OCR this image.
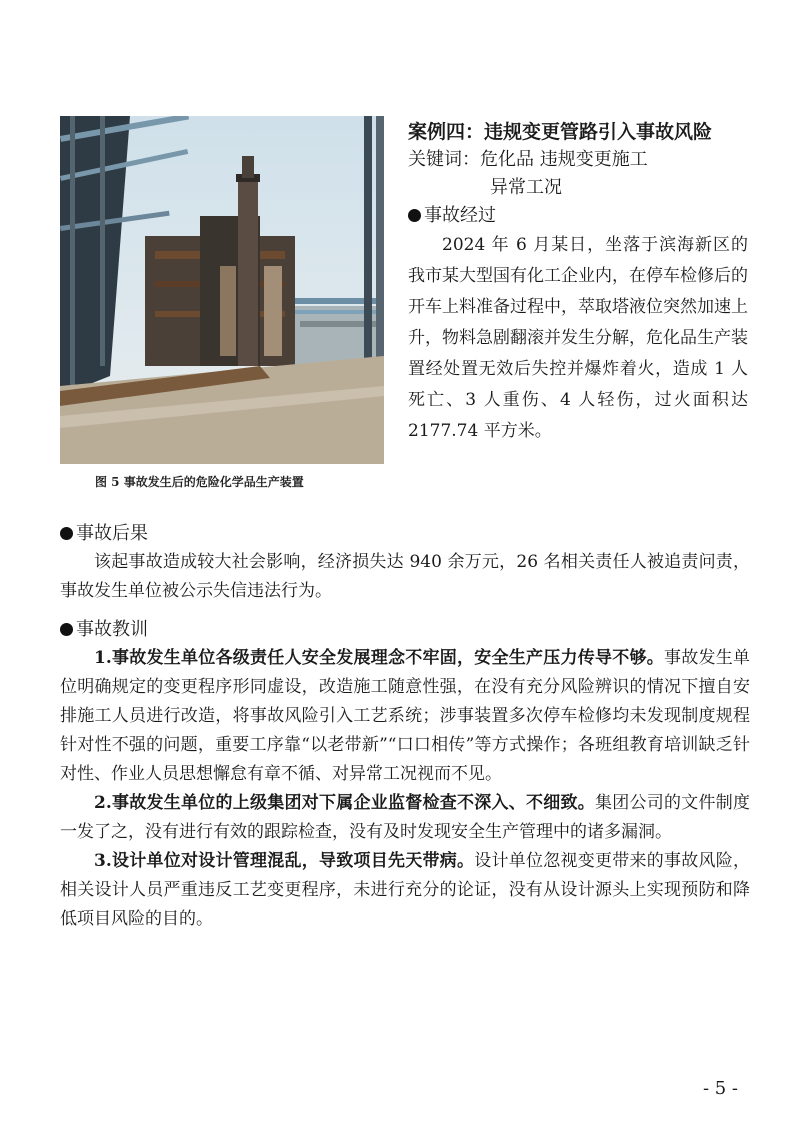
图 5 事故发生后的危险化学品生产装置
案例四：违规变更管路引入事故风险
关键词：危化品 违规变更施工
异常工况
事故经过

2024 年 6 月某日，坐落于滨海新区的我市某大型国有化工企业内，在停车检修后的开车上料准备过程中，萃取塔液位突然加速上升，物料急剧翻滚并发生分解，危化品生产装置经处置无效后失控并爆炸着火，造成 1 人死亡、3 人重伤、4 人轻伤，过火面积达 2177.74 平方米。

事故后果

该起事故造成较大社会影响，经济损失达 940 余万元，26 名相关责任人被追责问责，事故发生单位被公示失信违法行为。

事故教训

1.事故发生单位各级责任人安全发展理念不牢固，安全生产压力传导不够。事故发生单位明确规定的变更程序形同虚设，改造施工随意性强，在没有充分风险辨识的情况下擅自安排施工人员进行改造，将事故风险引入工艺系统；涉事装置多次停车检修均未发现制度规程针对性不强的问题，重要工序靠“以老带新”“口口相传”等方式操作；各班组教育培训缺乏针对性、作业人员思想懈怠有章不循、对异常工况视而不见。

2.事故发生单位的上级集团对下属企业监督检查不深入、不细致。集团公司的文件制度一发了之，没有进行有效的跟踪检查，没有及时发现安全生产管理中的诸多漏洞。

3.设计单位对设计管理混乱，导致项目先天带病。设计单位忽视变更带来的事故风险，相关设计人员严重违反工艺变更程序，未进行充分的论证，没有从设计源头上实现预防和降低项目风险的目的。

- 5 -
